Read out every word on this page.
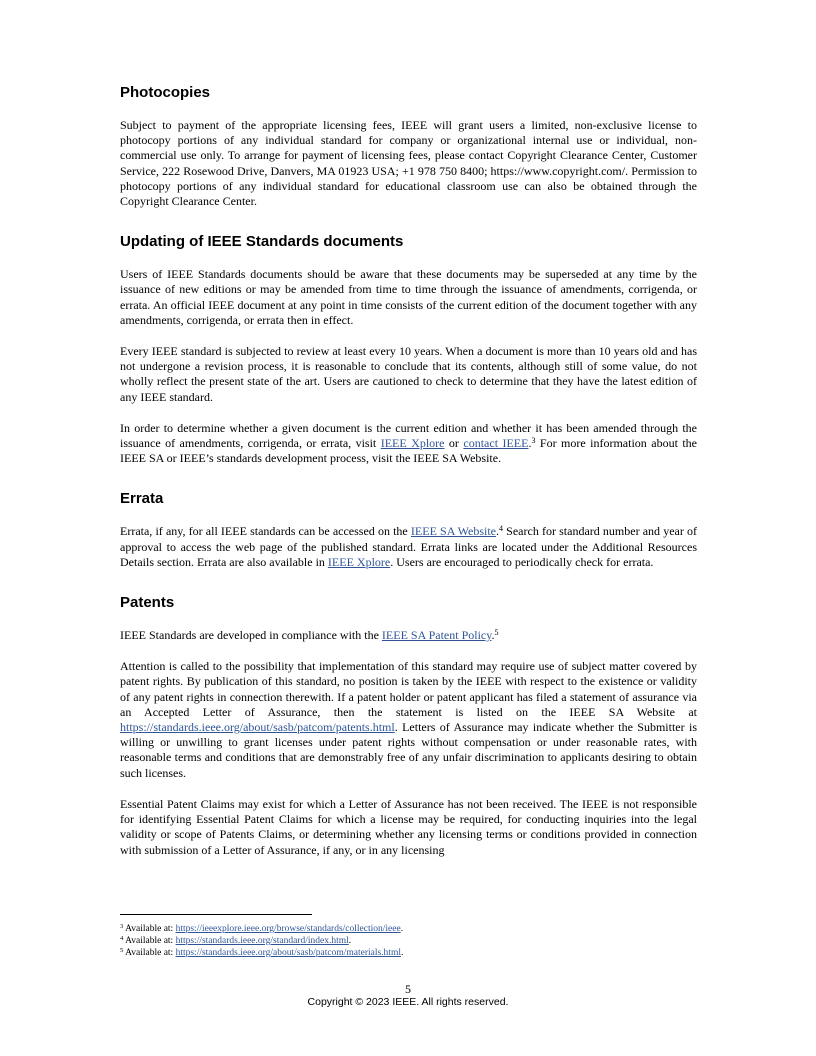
Photocopies

Subject to payment of the appropriate licensing fees, IEEE will grant users a limited, non-exclusive license to photocopy portions of any individual standard for company or organizational internal use or individual, non-commercial use only. To arrange for payment of licensing fees, please contact Copyright Clearance Center, Customer Service, 222 Rosewood Drive, Danvers, MA 01923 USA; +1 978 750 8400; https://www.copyright.com/. Permission to photocopy portions of any individual standard for educational classroom use can also be obtained through the Copyright Clearance Center.

Updating of IEEE Standards documents

Users of IEEE Standards documents should be aware that these documents may be superseded at any time by the issuance of new editions or may be amended from time to time through the issuance of amendments, corrigenda, or errata. An official IEEE document at any point in time consists of the current edition of the document together with any amendments, corrigenda, or errata then in effect.

Every IEEE standard is subjected to review at least every 10 years. When a document is more than 10 years old and has not undergone a revision process, it is reasonable to conclude that its contents, although still of some value, do not wholly reflect the present state of the art. Users are cautioned to check to determine that they have the latest edition of any IEEE standard.

In order to determine whether a given document is the current edition and whether it has been amended through the issuance of amendments, corrigenda, or errata, visit IEEE Xplore or contact IEEE.$^3$ For more information about the IEEE SA or IEEE’s standards development process, visit the IEEE SA Website.

Errata

Errata, if any, for all IEEE standards can be accessed on the IEEE SA Website.$^4$ Search for standard number and year of approval to access the web page of the published standard. Errata links are located under the Additional Resources Details section. Errata are also available in IEEE Xplore. Users are encouraged to periodically check for errata.

Patents

IEEE Standards are developed in compliance with the IEEE SA Patent Policy.$^5$

Attention is called to the possibility that implementation of this standard may require use of subject matter covered by patent rights. By publication of this standard, no position is taken by the IEEE with respect to the existence or validity of any patent rights in connection therewith. If a patent holder or patent applicant has filed a statement of assurance via an Accepted Letter of Assurance, then the statement is listed on the IEEE SA Website at https://standards.ieee.org/about/sasb/patcom/patents.html. Letters of Assurance may indicate whether the Submitter is willing or unwilling to grant licenses under patent rights without compensation or under reasonable rates, with reasonable terms and conditions that are demonstrably free of any unfair discrimination to applicants desiring to obtain such licenses.

Essential Patent Claims may exist for which a Letter of Assurance has not been received. The IEEE is not responsible for identifying Essential Patent Claims for which a license may be required, for conducting inquiries into the legal validity or scope of Patents Claims, or determining whether any licensing terms or conditions provided in connection with submission of a Letter of Assurance, if any, or in any licensing

$^3$ Available at: https://ieeexplore.ieee.org/browse/standards/collection/ieee.

$^4$ Available at: https://standards.ieee.org/standard/index.html.

$^5$ Available at: https://standards.ieee.org/about/sasb/patcom/materials.html.

5
Copyright © 2023 IEEE. All rights reserved.
